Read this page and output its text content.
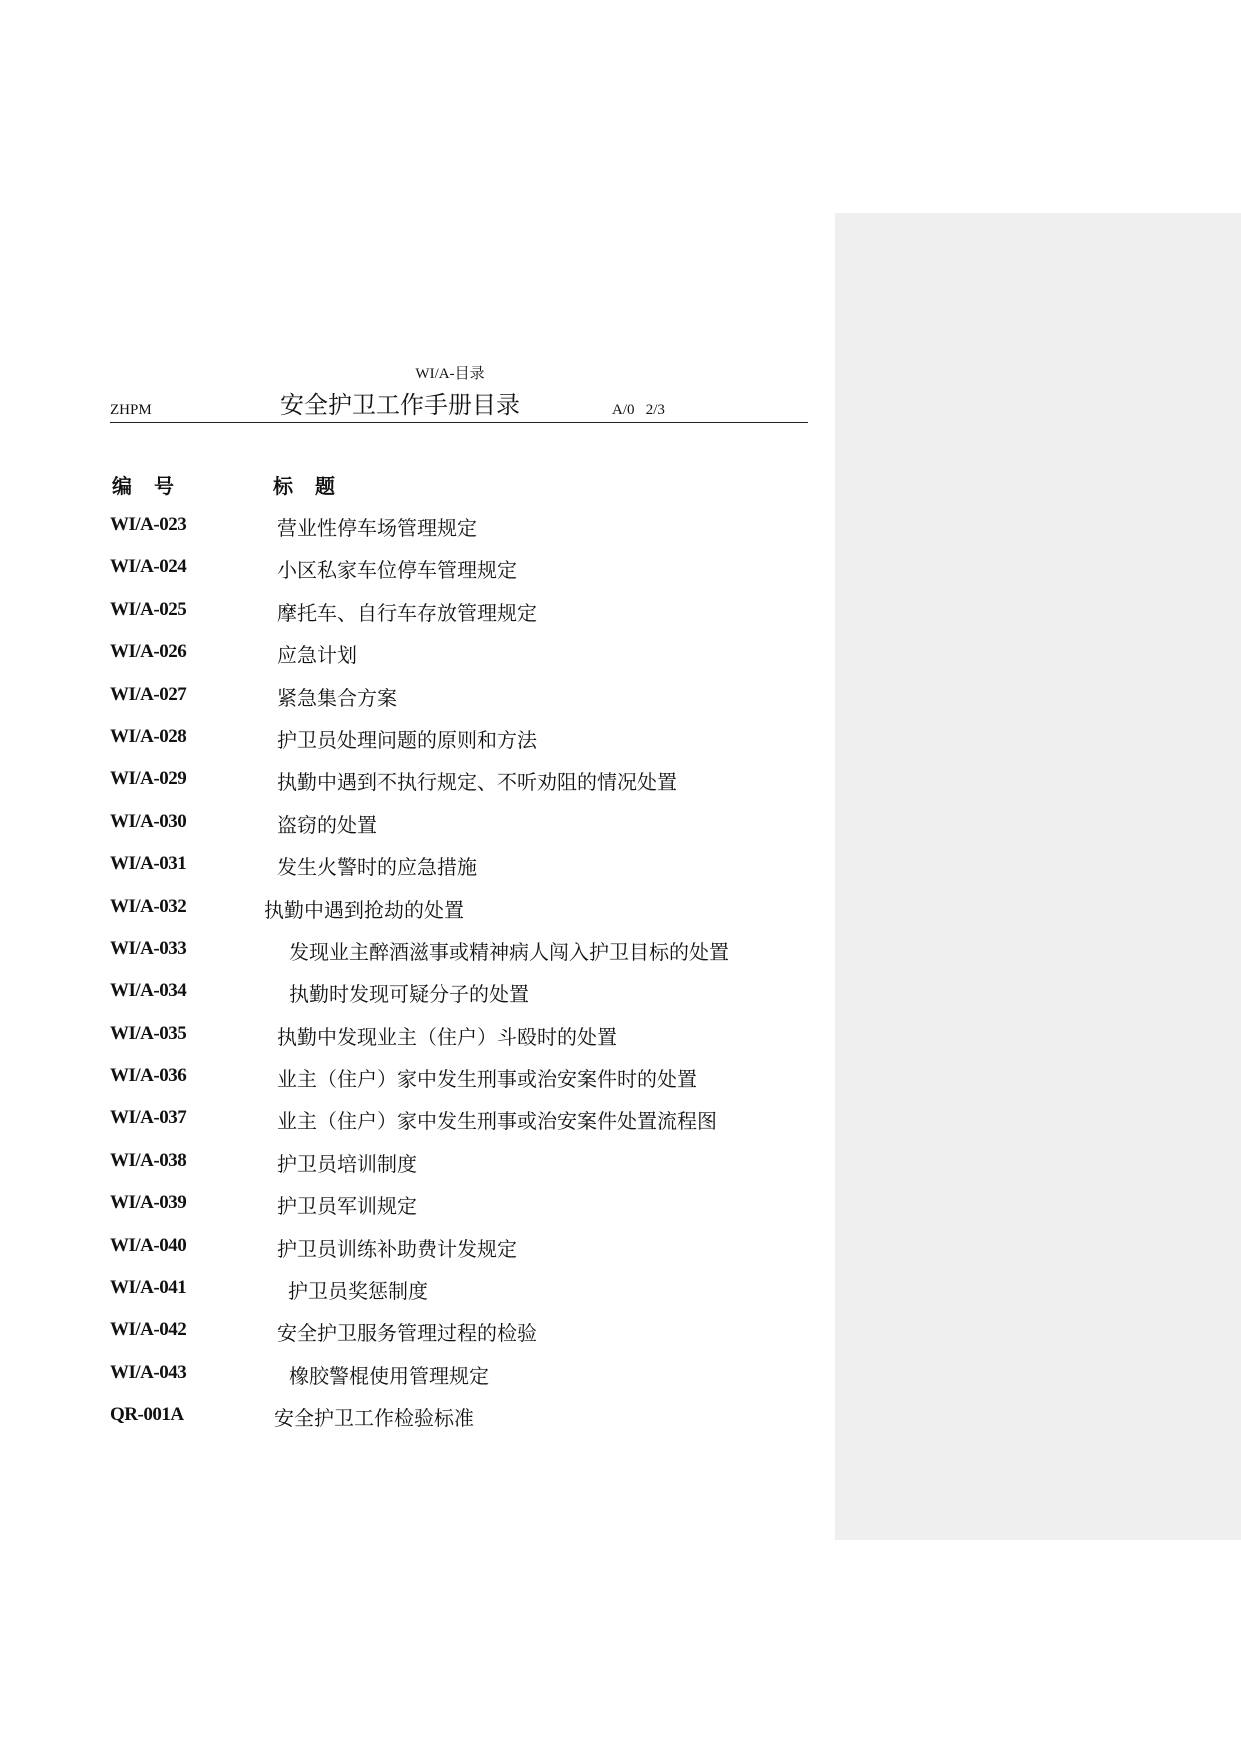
WI/A-目录
ZHPM	安全护卫工作手册目录	A/0   2/3
编 号	标 题
WI/A-023	营业性停车场管理规定
WI/A-024	小区私家车位停车管理规定
WI/A-025	摩托车、自行车存放管理规定
WI/A-026	应急计划
WI/A-027	紧急集合方案
WI/A-028	护卫员处理问题的原则和方法
WI/A-029	执勤中遇到不执行规定、不听劝阻的情况处置
WI/A-030	盗窃的处置
WI/A-031	发生火警时的应急措施
WI/A-032	执勤中遇到抢劫的处置
WI/A-033	发现业主醉酒滋事或精神病人闯入护卫目标的处置
WI/A-034	执勤时发现可疑分子的处置
WI/A-035	执勤中发现业主（住户）斗殴时的处置
WI/A-036	业主（住户）家中发生刑事或治安案件时的处置
WI/A-037	业主（住户）家中发生刑事或治安案件处置流程图
WI/A-038	护卫员培训制度
WI/A-039	护卫员军训规定
WI/A-040	护卫员训练补助费计发规定
WI/A-041	护卫员奖惩制度
WI/A-042	安全护卫服务管理过程的检验
WI/A-043	橡胶警棍使用管理规定
QR-001A	安全护卫工作检验标准
